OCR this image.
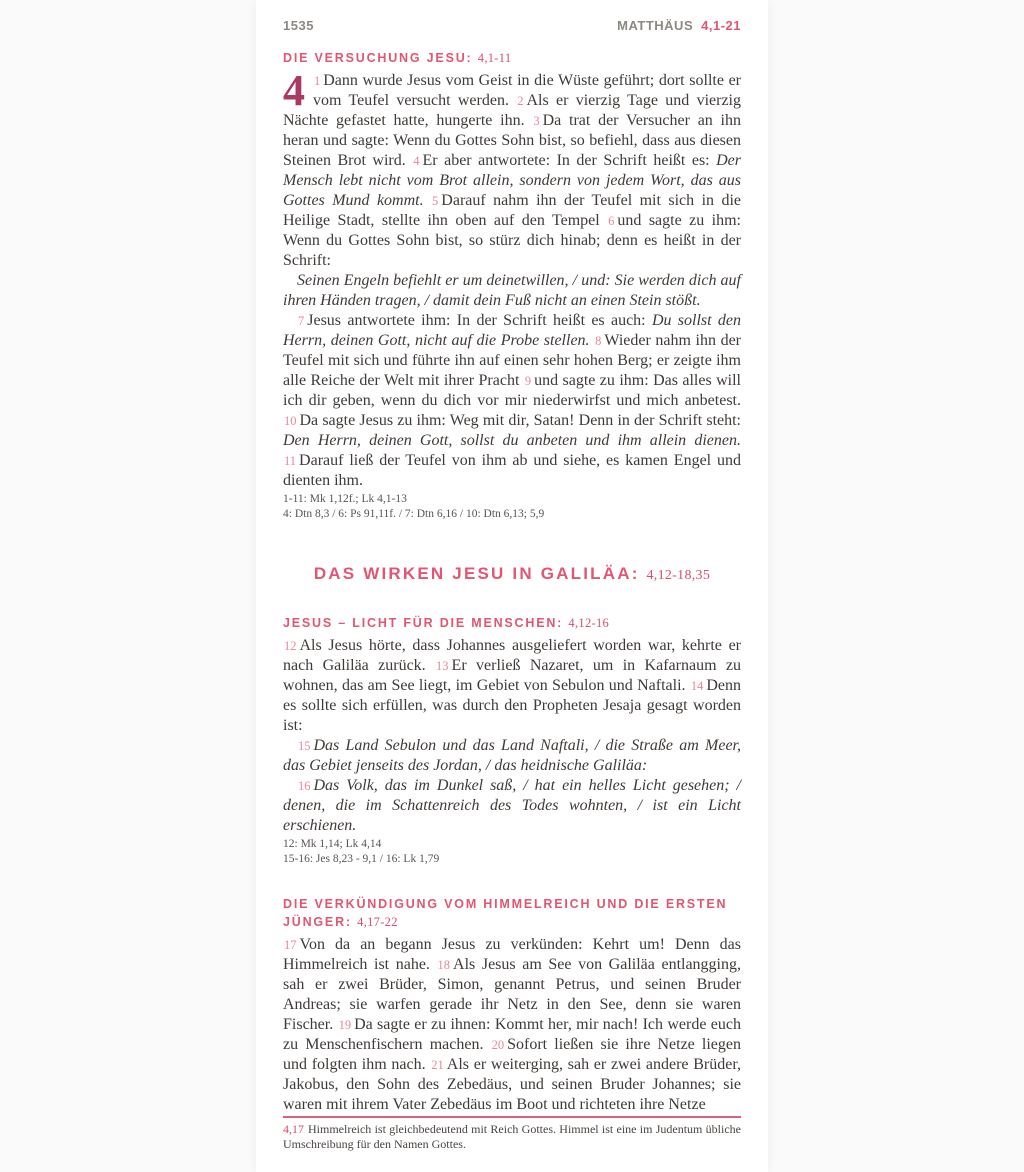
1535	MATTHÄUS 4,1-21
DIE VERSUCHUNG JESU: 4,1-11

4 1 Dann wurde Jesus vom Geist in die Wüste geführt; dort sollte er vom Teufel versucht werden. 2 Als er vierzig Tage und vierzig Nächte gefastet hatte, hungerte ihn. 3 Da trat der Versucher an ihn heran und sagte: Wenn du Gottes Sohn bist, so befiehl, dass aus diesen Steinen Brot wird. 4 Er aber antwortete: In der Schrift heißt es: Der Mensch lebt nicht vom Brot allein, sondern von jedem Wort, das aus Gottes Mund kommt. 5 Darauf nahm ihn der Teufel mit sich in die Heilige Stadt, stellte ihn oben auf den Tempel 6 und sagte zu ihm: Wenn du Gottes Sohn bist, so stürz dich hinab; denn es heißt in der Schrift:

Seinen Engeln befiehlt er um deinetwillen, / und: Sie werden dich auf ihren Händen tragen, / damit dein Fuß nicht an einen Stein stößt.

7 Jesus antwortete ihm: In der Schrift heißt es auch: Du sollst den Herrn, deinen Gott, nicht auf die Probe stellen. 8 Wieder nahm ihn der Teufel mit sich und führte ihn auf einen sehr hohen Berg; er zeigte ihm alle Reiche der Welt mit ihrer Pracht 9 und sagte zu ihm: Das alles will ich dir geben, wenn du dich vor mir niederwirfst und mich anbetest. 10 Da sagte Jesus zu ihm: Weg mit dir, Satan! Denn in der Schrift steht: Den Herrn, deinen Gott, sollst du anbeten und ihm allein dienen. 11 Darauf ließ der Teufel von ihm ab und siehe, es kamen Engel und dienten ihm.

1-11: Mk 1,12f.; Lk 4,1-13
4: Dtn 8,3 / 6: Ps 91,11f. / 7: Dtn 6,16 / 10: Dtn 6,13; 5,9
DAS WIRKEN JESU IN GALILÄA: 4,12-18,35
JESUS – LICHT FÜR DIE MENSCHEN: 4,12-16

12 Als Jesus hörte, dass Johannes ausgeliefert worden war, kehrte er nach Galiläa zurück. 13 Er verließ Nazaret, um in Kafarnaum zu wohnen, das am See liegt, im Gebiet von Sebulon und Naftali. 14 Denn es sollte sich erfüllen, was durch den Propheten Jesaja gesagt worden ist:

15 Das Land Sebulon und das Land Naftali, / die Straße am Meer, das Gebiet jenseits des Jordan, / das heidnische Galiläa:

16 Das Volk, das im Dunkel saß, / hat ein helles Licht gesehen; / denen, die im Schattenreich des Todes wohnten, / ist ein Licht erschienen.

12: Mk 1,14; Lk 4,14
15-16: Jes 8,23 - 9,1 / 16: Lk 1,79
DIE VERKÜNDIGUNG VOM HIMMELREICH UND DIE ERSTEN JÜNGER: 4,17-22

17 Von da an begann Jesus zu verkünden: Kehrt um! Denn das Himmelreich ist nahe. 18 Als Jesus am See von Galiläa entlangging, sah er zwei Brüder, Simon, genannt Petrus, und seinen Bruder Andreas; sie warfen gerade ihr Netz in den See, denn sie waren Fischer. 19 Da sagte er zu ihnen: Kommt her, mir nach! Ich werde euch zu Menschenfischern machen. 20 Sofort ließen sie ihre Netze liegen und folgten ihm nach. 21 Als er weiterging, sah er zwei andere Brüder, Jakobus, den Sohn des Zebedäus, und seinen Bruder Johannes; sie waren mit ihrem Vater Zebedäus im Boot und richteten ihre Netze

4,17 Himmelreich ist gleichbedeutend mit Reich Gottes. Himmel ist eine im Judentum übliche Umschreibung für den Namen Gottes.
